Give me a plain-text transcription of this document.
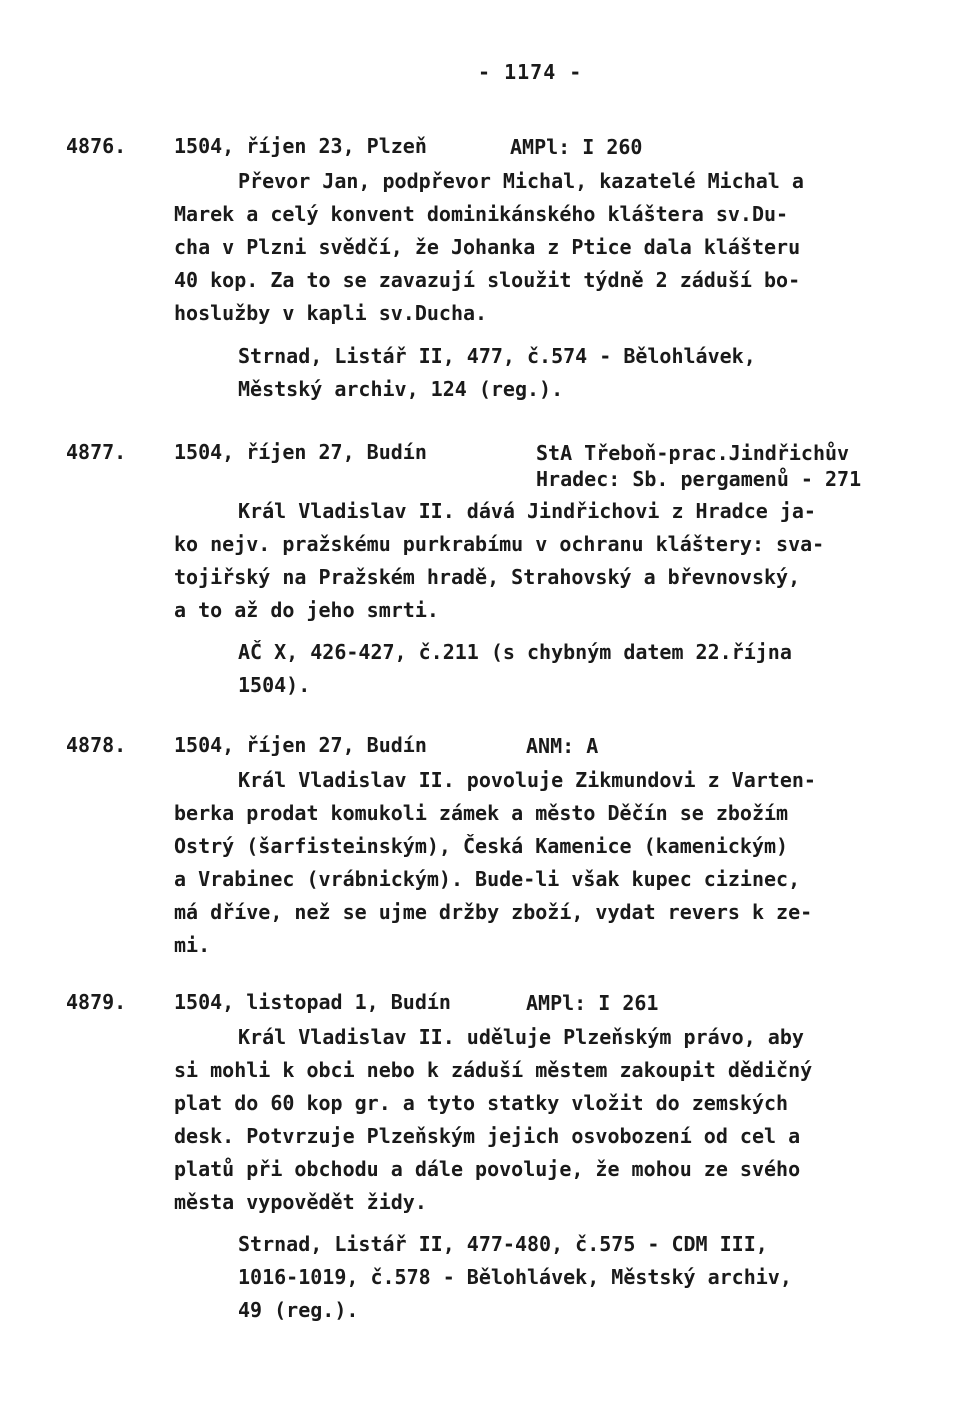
- 1174 -
4876. 1504, říjen 23, Plzeň	AMPl: I 260

Převor Jan, podpřevor Michal, kazatelé Michal a

Marek a celý konvent dominikánského kláštera sv.Du-

cha v Plzni svědčí, že Johanka z Ptice dala klášteru

40 kop. Za to se zavazují sloužit týdně 2 záduší bo-

hoslužby v kapli sv.Ducha.

Strnad, Listář II, 477, č.574 - Bělohlávek,
Městský archiv, 124 (reg.).
4877. 1504, říjen 27, Budín	StA Třeboň-prac.Jindřichův
Hradec: Sb. pergamenů - 271

Král Vladislav II. dává Jindřichovi z Hradce ja-

ko nejv. pražskému purkrabímu v ochranu kláštery: sva-

tojiřský na Pražském hradě, Strahovský a břevnovský,

a to až do jeho smrti.

AČ X, 426-427, č.211 (s chybným datem 22.října
1504).
4878. 1504, říjen 27, Budín	ANM: A

Král Vladislav II. povoluje Zikmundovi z Varten-

berka prodat komukoli zámek a město Děčín se zbožím

Ostrý (šarfisteinským), Česká Kamenice (kamenickým)

a Vrabinec (vrábnickým). Bude-li však kupec cizinec,

má dříve, než se ujme držby zboží, vydat revers k ze-

mi.

4879. 1504, listopad 1, Budín	AMPl: I 261

Král Vladislav II. uděluje Plzeňským právo, aby

si mohli k obci nebo k záduší městem zakoupit dědičný

plat do 60 kop gr. a tyto statky vložit do zemských

desk. Potvrzuje Plzeňským jejich osvobození od cel a

platů při obchodu a dále povoluje, že mohou ze svého

města vypovědět židy.

Strnad, Listář II, 477-480, č.575 - CDM III,
1016-1019, č.578 - Bělohlávek, Městský archiv,
49 (reg.).
